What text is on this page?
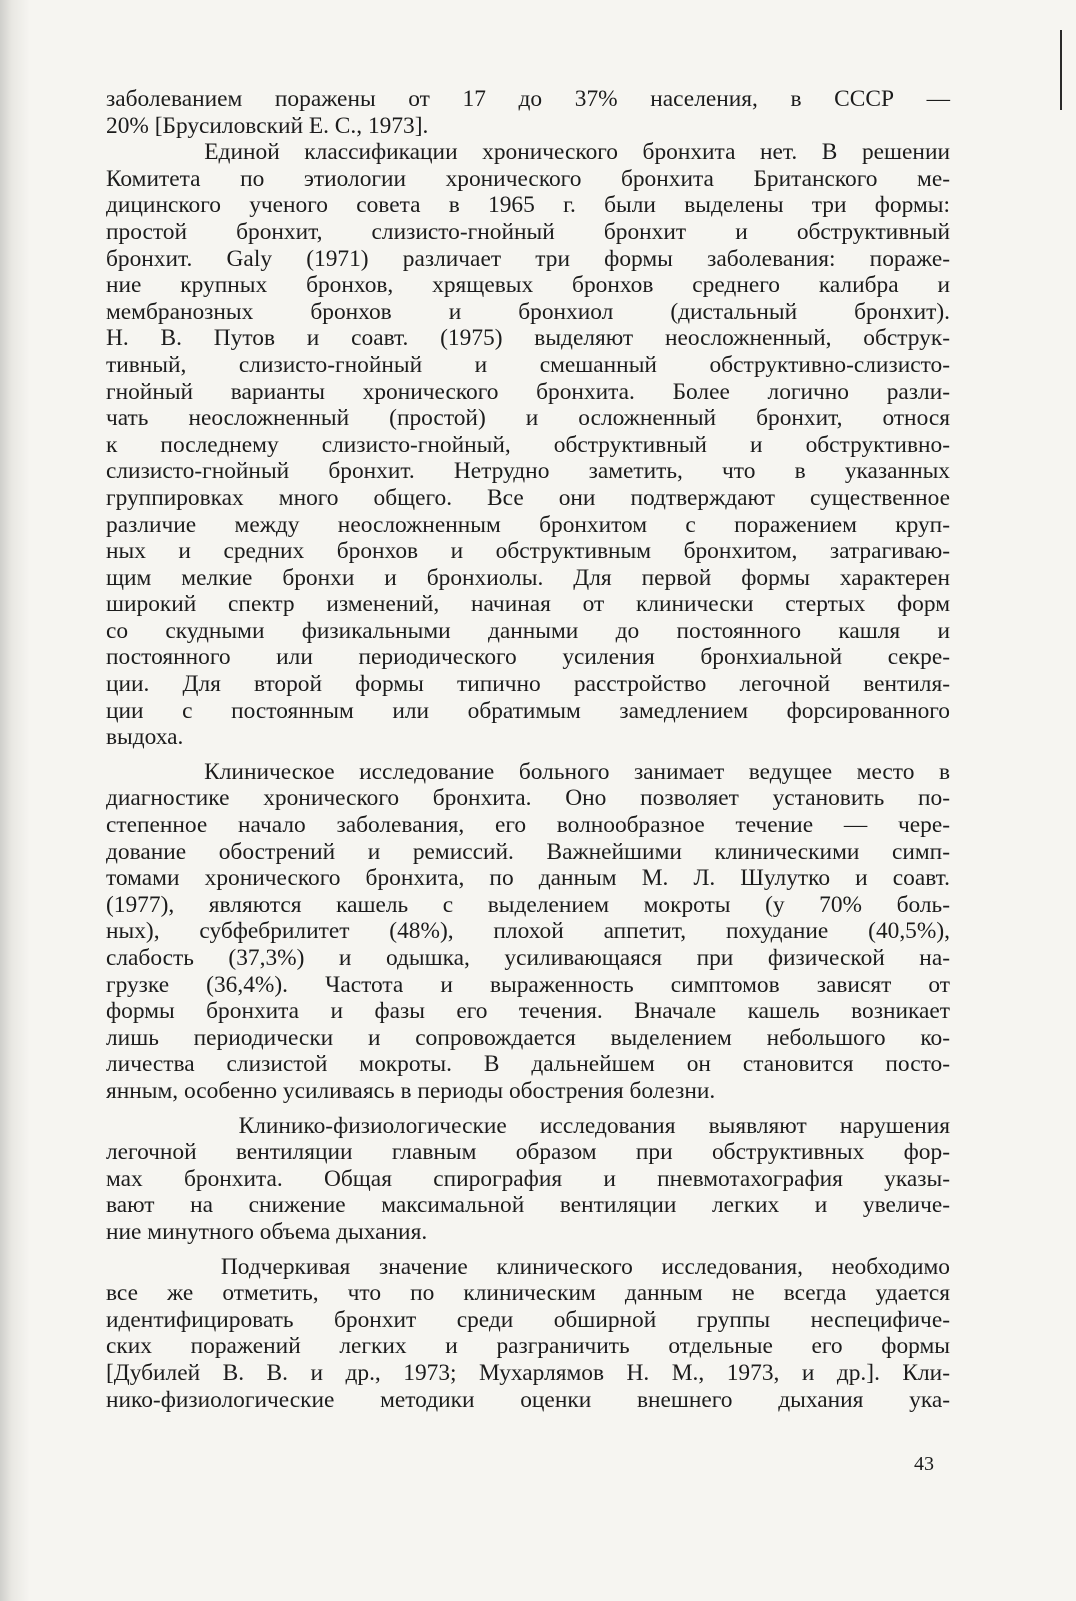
заболеванием поражены от 17 до 37% населения, в СССР —
20% [Брусиловский Е. С., 1973].
Единой классификации хронического бронхита нет. В решении
Комитета по этиологии хронического бронхита Британского ме-
дицинского ученого совета в 1965 г. были выделены три формы:
простой бронхит, слизисто-гнойный бронхит и обструктивный
бронхит. Galy (1971) различает три формы заболевания: пораже-
ние крупных бронхов, хрящевых бронхов среднего калибра и
мембранозных бронхов и бронхиол (дистальный бронхит).
Н. В. Путов и соавт. (1975) выделяют неосложненный, обструк-
тивный, слизисто-гнойный и смешанный обструктивно-слизисто-
гнойный варианты хронического бронхита. Более логично разли-
чать неосложненный (простой) и осложненный бронхит, относя
к последнему слизисто-гнойный, обструктивный и обструктивно-
слизисто-гнойный бронхит. Нетрудно заметить, что в указанных
группировках много общего. Все они подтверждают существенное
различие между неосложненным бронхитом с поражением круп-
ных и средних бронхов и обструктивным бронхитом, затрагиваю-
щим мелкие бронхи и бронхиолы. Для первой формы характерен
широкий спектр изменений, начиная от клинически стертых форм
со скудными физикальными данными до постоянного кашля и
постоянного или периодического усиления бронхиальной секре-
ции. Для второй формы типично расстройство легочной вентиля-
ции с постоянным или обратимым замедлением форсированного
выдоха.
Клиническое исследование больного занимает ведущее место в
диагностике хронического бронхита. Оно позволяет установить по-
степенное начало заболевания, его волнообразное течение — чере-
дование обострений и ремиссий. Важнейшими клиническими симп-
томами хронического бронхита, по данным М. Л. Шулутко и соавт.
(1977), являются кашель с выделением мокроты (у 70% боль-
ных), субфебрилитет (48%), плохой аппетит, похудание (40,5%),
слабость (37,3%) и одышка, усиливающаяся при физической на-
грузке (36,4%). Частота и выраженность симптомов зависят от
формы бронхита и фазы его течения. Вначале кашель возникает
лишь периодически и сопровождается выделением небольшого ко-
личества слизистой мокроты. В дальнейшем он становится посто-
янным, особенно усиливаясь в периоды обострения болезни.
Клинико-физиологические исследования выявляют нарушения
легочной вентиляции главным образом при обструктивных фор-
мах бронхита. Общая спирография и пневмотахография указы-
вают на снижение максимальной вентиляции легких и увеличе-
ние минутного объема дыхания.
Подчеркивая значение клинического исследования, необходимо
все же отметить, что по клиническим данным не всегда удается
идентифицировать бронхит среди обширной группы неспецифиче-
ских поражений легких и разграничить отдельные его формы
[Дубилей В. В. и др., 1973; Мухарлямов Н. М., 1973, и др.]. Кли-
нико-физиологические методики оценки внешнего дыхания ука-
43
